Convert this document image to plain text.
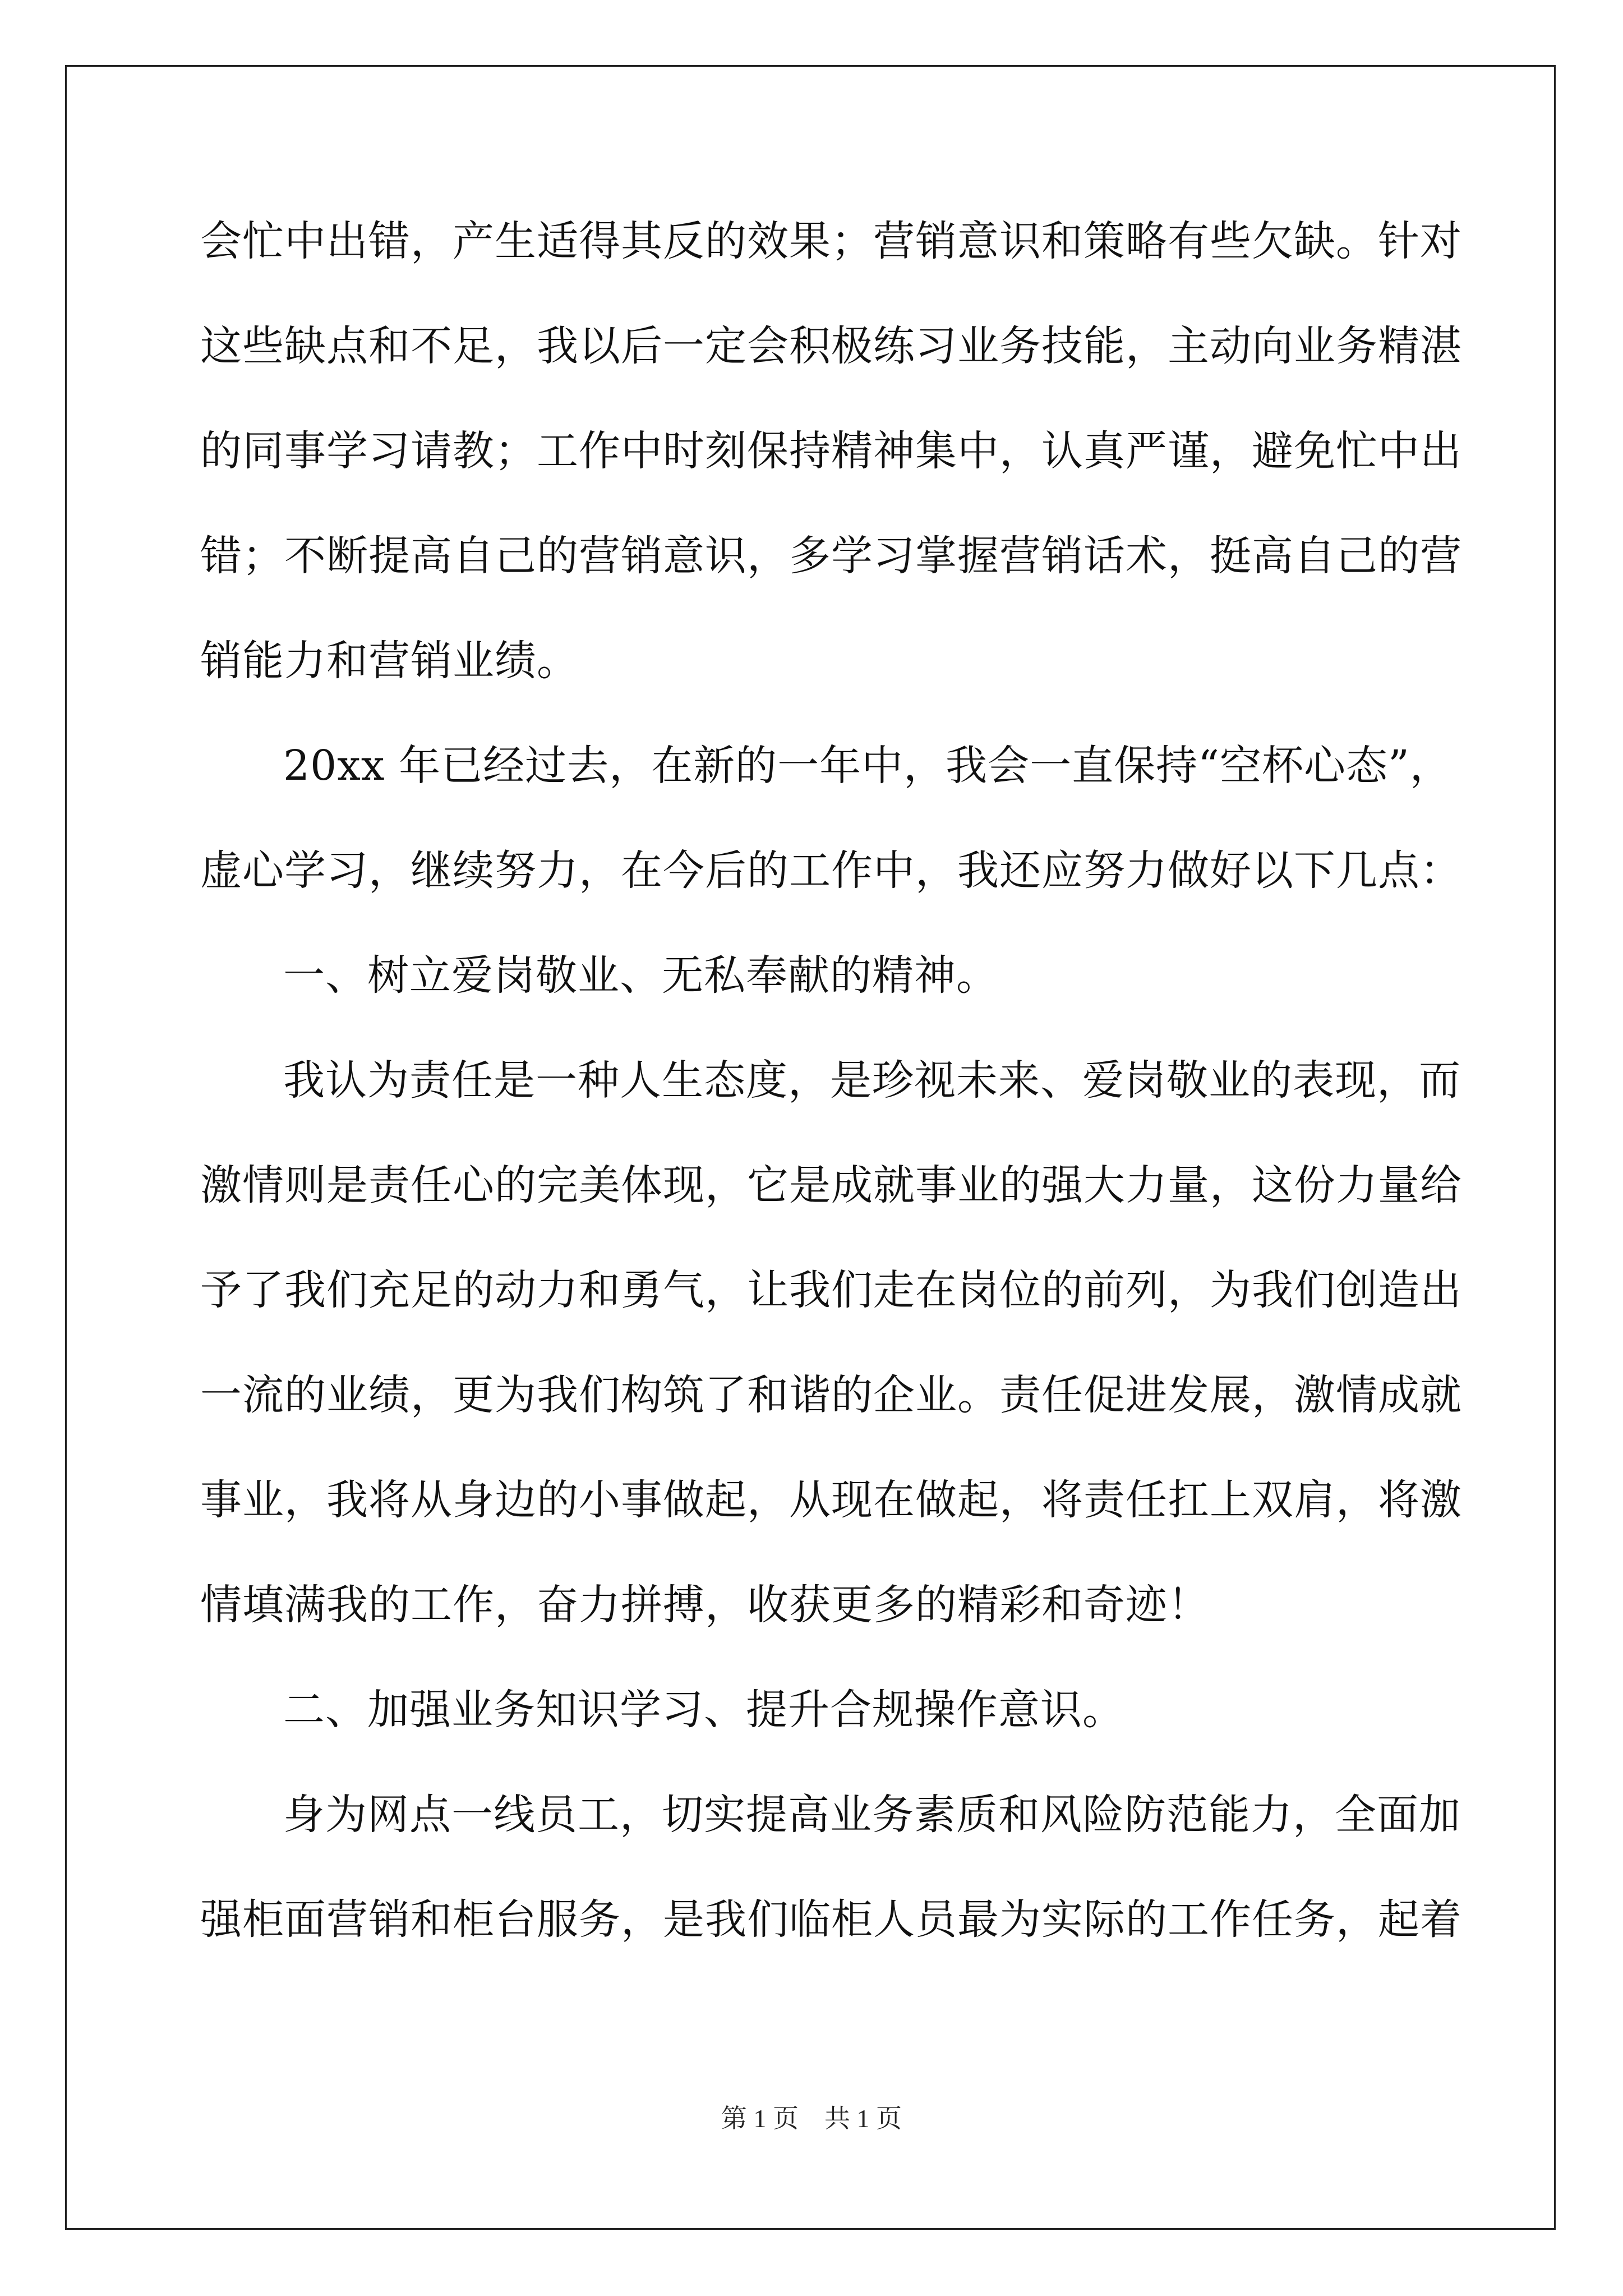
会忙中出错，产生适得其反的效果；营销意识和策略有些欠缺。针对
这些缺点和不足，我以后一定会积极练习业务技能，主动向业务精湛
的同事学习请教；工作中时刻保持精神集中，认真严谨，避免忙中出
错；不断提高自己的营销意识，多学习掌握营销话术，挺高自己的营
销能力和营销业绩。
20xx 年已经过去，在新的一年中，我会一直保持“空杯心态”，
虚心学习，继续努力，在今后的工作中，我还应努力做好以下几点：
一、树立爱岗敬业、无私奉献的精神。
我认为责任是一种人生态度，是珍视未来、爱岗敬业的表现，而
激情则是责任心的完美体现，它是成就事业的强大力量，这份力量给
予了我们充足的动力和勇气，让我们走在岗位的前列，为我们创造出
一流的业绩，更为我们构筑了和谐的企业。责任促进发展，激情成就
事业，我将从身边的小事做起，从现在做起，将责任扛上双肩，将激
情填满我的工作，奋力拼搏，收获更多的精彩和奇迹！
二、加强业务知识学习、提升合规操作意识。
身为网点一线员工，切实提高业务素质和风险防范能力，全面加
强柜面营销和柜台服务，是我们临柜人员最为实际的工作任务，起着
第 1 页　共 1 页
